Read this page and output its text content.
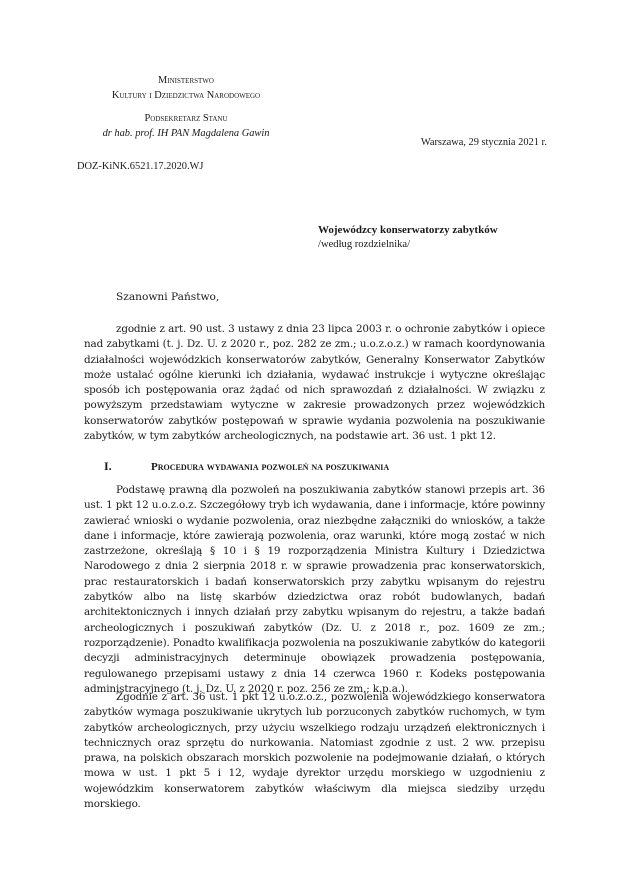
Ministerstwo
Kultury i Dziedzictwa Narodowego
Podsekretarz Stanu
dr hab. prof. IH PAN Magdalena Gawin
Warszawa, 29 stycznia 2021 r.
DOZ-KiNK.6521.17.2020.WJ
Wojewódzcy konserwatorzy zabytków
/według rozdzielnika/
Szanowni Państwo,
zgodnie z art. 90 ust. 3 ustawy z dnia 23 lipca 2003 r. o ochronie zabytków i opiece nad zabytkami (t. j. Dz. U. z 2020 r., poz. 282 ze zm.; u.o.z.o.z.) w ramach koordynowania działalności wojewódzkich konserwatorów zabytków, Generalny Konserwator Zabytków może ustalać ogólne kierunki ich działania, wydawać instrukcje i wytyczne określając sposób ich postępowania oraz żądać od nich sprawozdań z działalności. W związku z powyższym przedstawiam wytyczne w zakresie prowadzonych przez wojewódzkich konserwatorów zabytków postępowań w sprawie wydania pozwolenia na poszukiwanie zabytków, w tym zabytków archeologicznych, na podstawie art. 36 ust. 1 pkt 12.
I.	Procedura wydawania pozwoleń na poszukiwania
Podstawę prawną dla pozwoleń na poszukiwania zabytków stanowi przepis art. 36 ust. 1 pkt 12 u.o.z.o.z. Szczegółowy tryb ich wydawania, dane i informacje, które powinny zawierać wnioski o wydanie pozwolenia, oraz niezbędne załączniki do wniosków, a także dane i informacje, które zawierają pozwolenia, oraz warunki, które mogą zostać w nich zastrzeżone, określają § 10 i § 19 rozporządzenia Ministra Kultury i Dziedzictwa Narodowego z dnia 2 sierpnia 2018 r. w sprawie prowadzenia prac konserwatorskich, prac restauratorskich i badań konserwatorskich przy zabytku wpisanym do rejestru zabytków albo na listę skarbów dziedzictwa oraz robót budowlanych, badań architektonicznych i innych działań przy zabytku wpisanym do rejestru, a także badań archeologicznych i poszukiwań zabytków (Dz. U. z 2018 r., poz. 1609 ze zm.; rozporządzenie). Ponadto kwalifikacja pozwolenia na poszukiwanie zabytków do kategorii decyzji administracyjnych determinuje obowiązek prowadzenia postępowania, regulowanego przepisami ustawy z dnia 14 czerwca 1960 r. Kodeks postępowania administracyjnego (t. j. Dz. U. z 2020 r. poz. 256 ze zm.; k.p.a.).
Zgodnie z art. 36 ust. 1 pkt 12 u.o.z.o.z., pozwolenia wojewódzkiego konserwatora zabytków wymaga poszukiwanie ukrytych lub porzuconych zabytków ruchomych, w tym zabytków archeologicznych, przy użyciu wszelkiego rodzaju urządzeń elektronicznych i technicznych oraz sprzętu do nurkowania. Natomiast zgodnie z ust. 2 ww. przepisu prawa, na polskich obszarach morskich pozwolenie na podejmowanie działań, o których mowa w ust. 1 pkt 5 i 12, wydaje dyrektor urzędu morskiego w uzgodnieniu z wojewódzkim konserwatorem zabytków właściwym dla miejsca siedziby urzędu morskiego.
